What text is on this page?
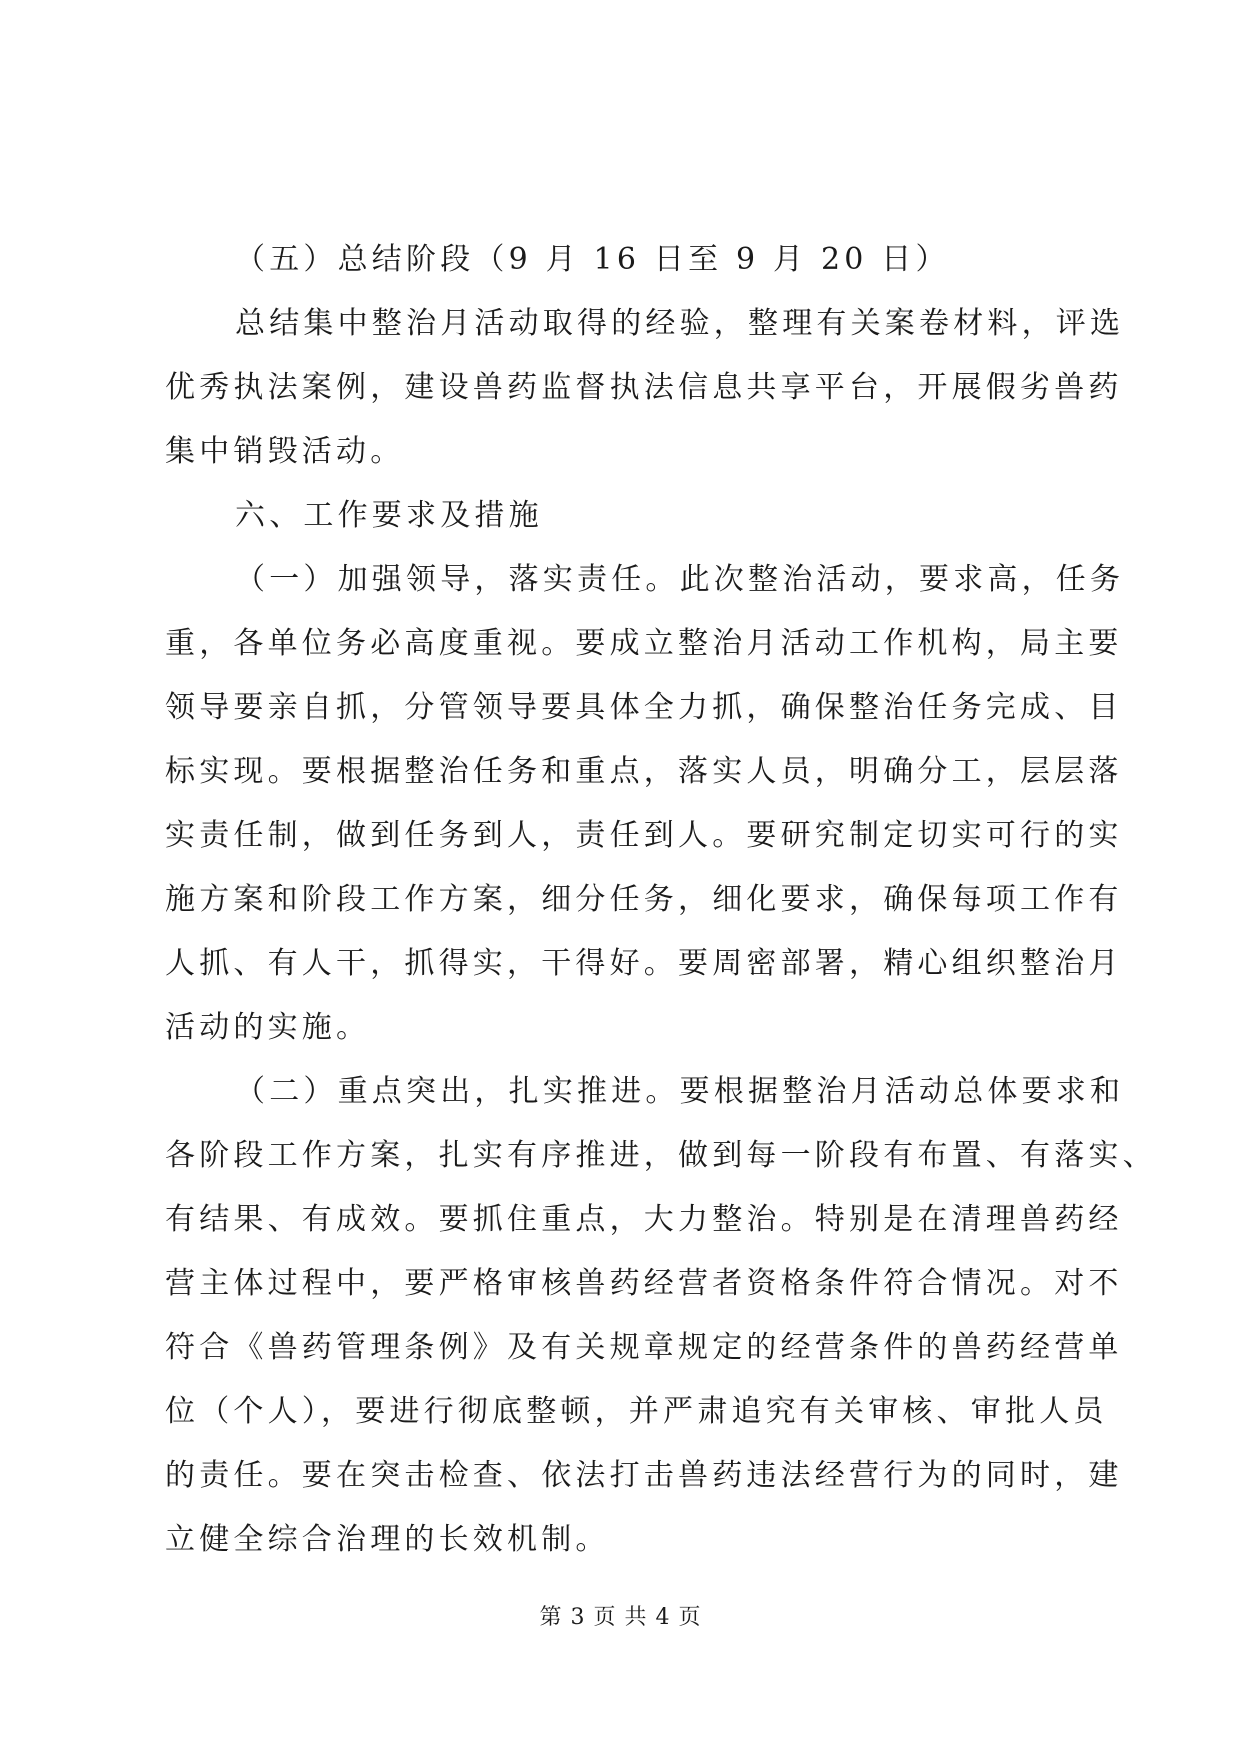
（五）总结阶段（9 月 16 日至 9 月 20 日）
总结集中整治月活动取得的经验，整理有关案卷材料，评选
优秀执法案例，建设兽药监督执法信息共享平台，开展假劣兽药
集中销毁活动。
六、工作要求及措施
（一）加强领导，落实责任。此次整治活动，要求高，任务
重，各单位务必高度重视。要成立整治月活动工作机构，局主要
领导要亲自抓，分管领导要具体全力抓，确保整治任务完成、目
标实现。要根据整治任务和重点，落实人员，明确分工，层层落
实责任制，做到任务到人，责任到人。要研究制定切实可行的实
施方案和阶段工作方案，细分任务，细化要求，确保每项工作有
人抓、有人干，抓得实，干得好。要周密部署，精心组织整治月
活动的实施。
（二）重点突出，扎实推进。要根据整治月活动总体要求和
各阶段工作方案，扎实有序推进，做到每一阶段有布置、有落实、
有结果、有成效。要抓住重点，大力整治。特别是在清理兽药经
营主体过程中，要严格审核兽药经营者资格条件符合情况。对不
符合《兽药管理条例》及有关规章规定的经营条件的兽药经营单
位（个人），要进行彻底整顿，并严肃追究有关审核、审批人员
的责任。要在突击检查、依法打击兽药违法经营行为的同时，建
立健全综合治理的长效机制。
第 3 页 共 4 页
